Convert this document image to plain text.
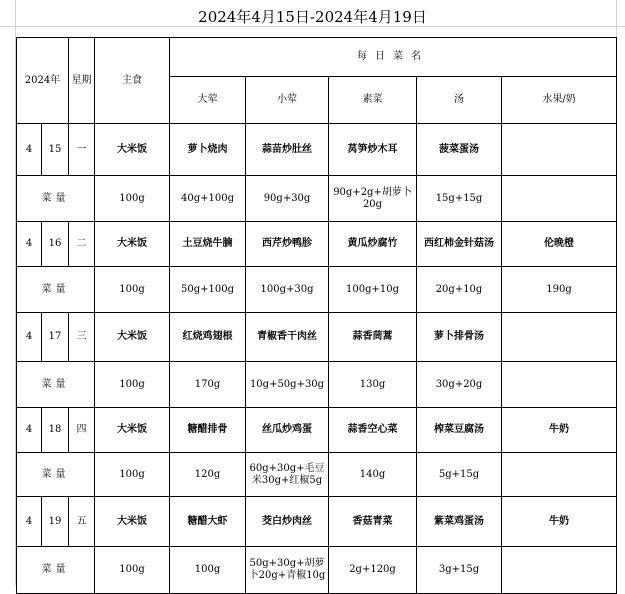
2024年4月15日-2024年4月19日
2024年		星期	主食	每日菜名				
				大荤	小荤	素菜	汤	水果/奶
4	15	一	大米饭	萝卜烧肉	蒜苗炒肚丝	莴笋炒木耳	菠菜蛋汤	
菜量			100g	40g+100g	90g+30g	90g+2g+胡萝卜20g	15g+15g	
4	16	二	大米饭	土豆烧牛腩	西芹炒鸭胗	黄瓜炒腐竹	西红柿金针菇汤	伦晚橙
菜量			100g	50g+100g	100g+30g	100g+10g	20g+10g	190g
4	17	三	大米饭	红烧鸡翅根	青椒香干肉丝	蒜香茼蒿	萝卜排骨汤	
菜量			100g	170g	10g+50g+30g	130g	30g+20g	
4	18	四	大米饭	糖醋排骨	丝瓜炒鸡蛋	蒜香空心菜	榨菜豆腐汤	牛奶
菜量			100g	120g	60g+30g+毛豆米30g+红椒5g	140g	5g+15g	
4	19	五	大米饭	糖醋大虾	茭白炒肉丝	香菇青菜	紫菜鸡蛋汤	牛奶
菜量			100g	100g	50g+30g+胡萝卜20g+青椒10g	2g+120g	3g+15g	
